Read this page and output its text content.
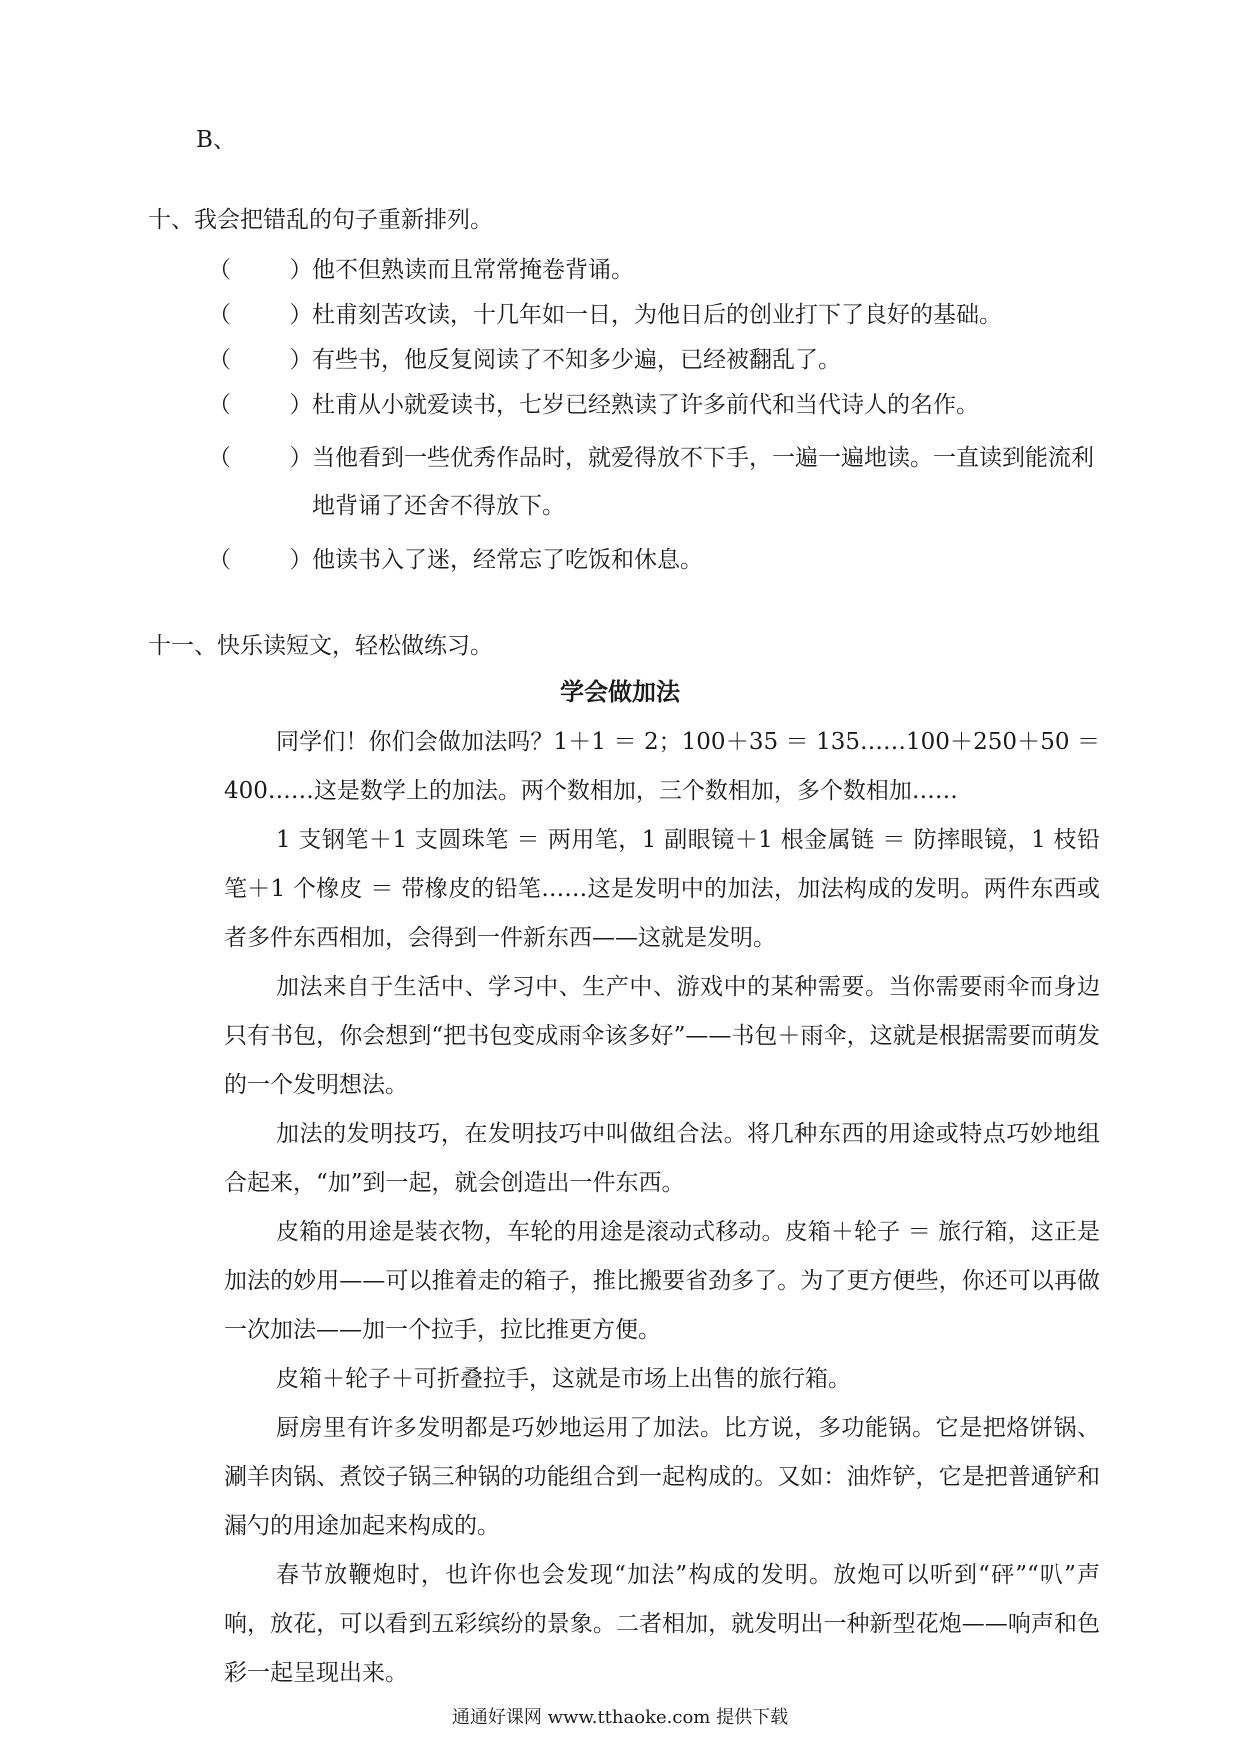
B、
十、我会把错乱的句子重新排列。
（        ） 他不但熟读而且常常掩卷背诵。
（        ） 杜甫刻苦攻读，十几年如一日，为他日后的创业打下了良好的基础。
（        ） 有些书，他反复阅读了不知多少遍，已经被翻乱了。
（        ） 杜甫从小就爱读书，七岁已经熟读了许多前代和当代诗人的名作。
（        ） 当他看到一些优秀作品时，就爱得放不下手，一遍一遍地读。一直读到能流利地背诵了还舍不得放下。
（        ） 他读书入了迷，经常忘了吃饭和休息。
十一、快乐读短文，轻松做练习。
学会做加法

同学们！你们会做加法吗？1＋1 ＝ 2；100＋35 ＝ 135……100＋250＋50 ＝ 400……这是数学上的加法。两个数相加，三个数相加，多个数相加……

1 支钢笔＋1 支圆珠笔 ＝ 两用笔，1 副眼镜＋1 根金属链 ＝ 防摔眼镜，1 枝铅笔＋1 个橡皮 ＝ 带橡皮的铅笔……这是发明中的加法，加法构成的发明。两件东西或者多件东西相加，会得到一件新东西——这就是发明。

加法来自于生活中、学习中、生产中、游戏中的某种需要。当你需要雨伞而身边只有书包，你会想到“把书包变成雨伞该多好”——书包＋雨伞，这就是根据需要而萌发的一个发明想法。

加法的发明技巧，在发明技巧中叫做组合法。将几种东西的用途或特点巧妙地组合起来，“加”到一起，就会创造出一件东西。

皮箱的用途是装衣物，车轮的用途是滚动式移动。皮箱＋轮子 ＝ 旅行箱，这正是加法的妙用——可以推着走的箱子，推比搬要省劲多了。为了更方便些，你还可以再做一次加法——加一个拉手，拉比推更方便。

皮箱＋轮子＋可折叠拉手，这就是市场上出售的旅行箱。

厨房里有许多发明都是巧妙地运用了加法。比方说，多功能锅。它是把烙饼锅、涮羊肉锅、煮饺子锅三种锅的功能组合到一起构成的。又如：油炸铲，它是把普通铲和漏勺的用途加起来构成的。

春节放鞭炮时，也许你也会发现“加法”构成的发明。放炮可以听到“砰”“叭”声响，放花，可以看到五彩缤纷的景象。二者相加，就发明出一种新型花炮——响声和色彩一起呈现出来。

通通好课网 www.tthaoke.com 提供下载
